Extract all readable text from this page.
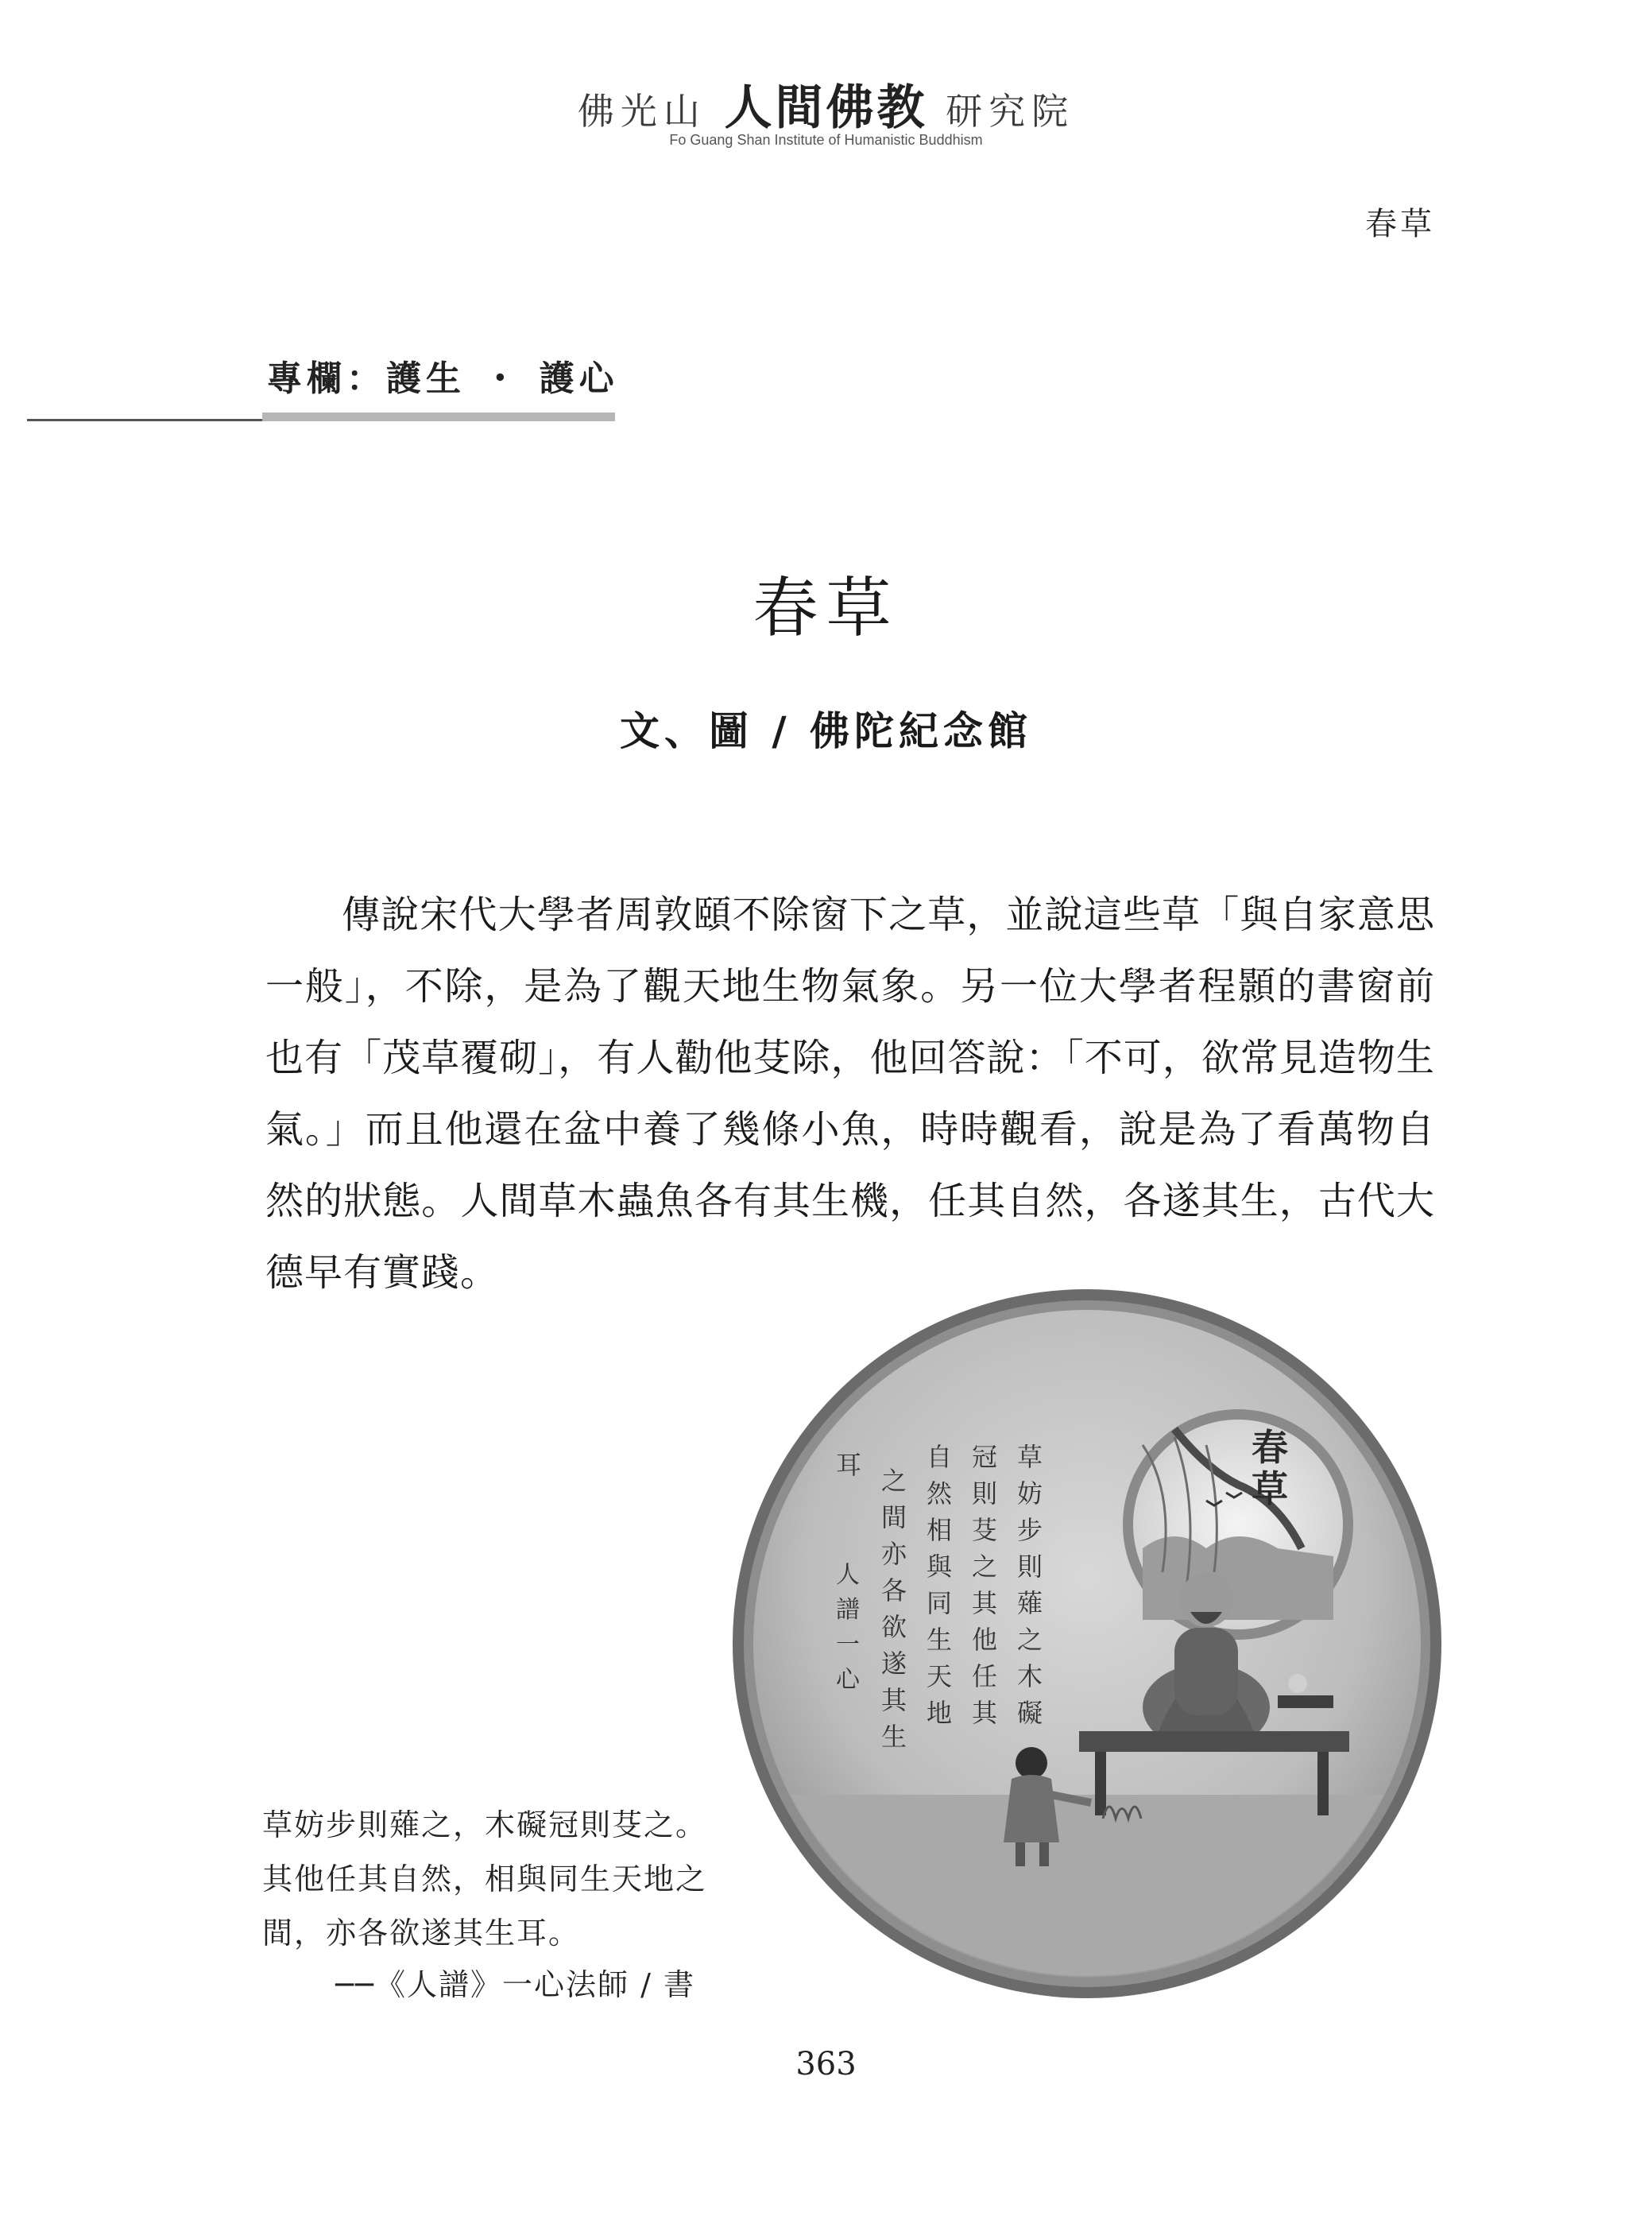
佛光山 人間佛教 研究院
Fo Guang Shan Institute of Humanistic Buddhism
春草
專欄：護生 ・ 護心
春草
文、圖 / 佛陀紀念館
傳說宋代大學者周敦頤不除窗下之草，並說這些草「與自家意思一般」，不除，是為了觀天地生物氣象。另一位大學者程顥的書窗前也有「茂草覆砌」，有人勸他芟除，他回答說：「不可，欲常見造物生氣。」而且他還在盆中養了幾條小魚，時時觀看，說是為了看萬物自然的狀態。人間草木蟲魚各有其生機，任其自然，各遂其生，古代大德早有實踐。
草妨步則薙之，木礙冠則芟之。其他任其自然，相與同生天地之間，亦各欲遂其生耳。
──《人譜》一心法師 / 書
春草
草妨步則薙之木礙
冠則芟之其他任其
自然相與同生天地
之間亦各欲遂其生
耳
人譜 一心
363
